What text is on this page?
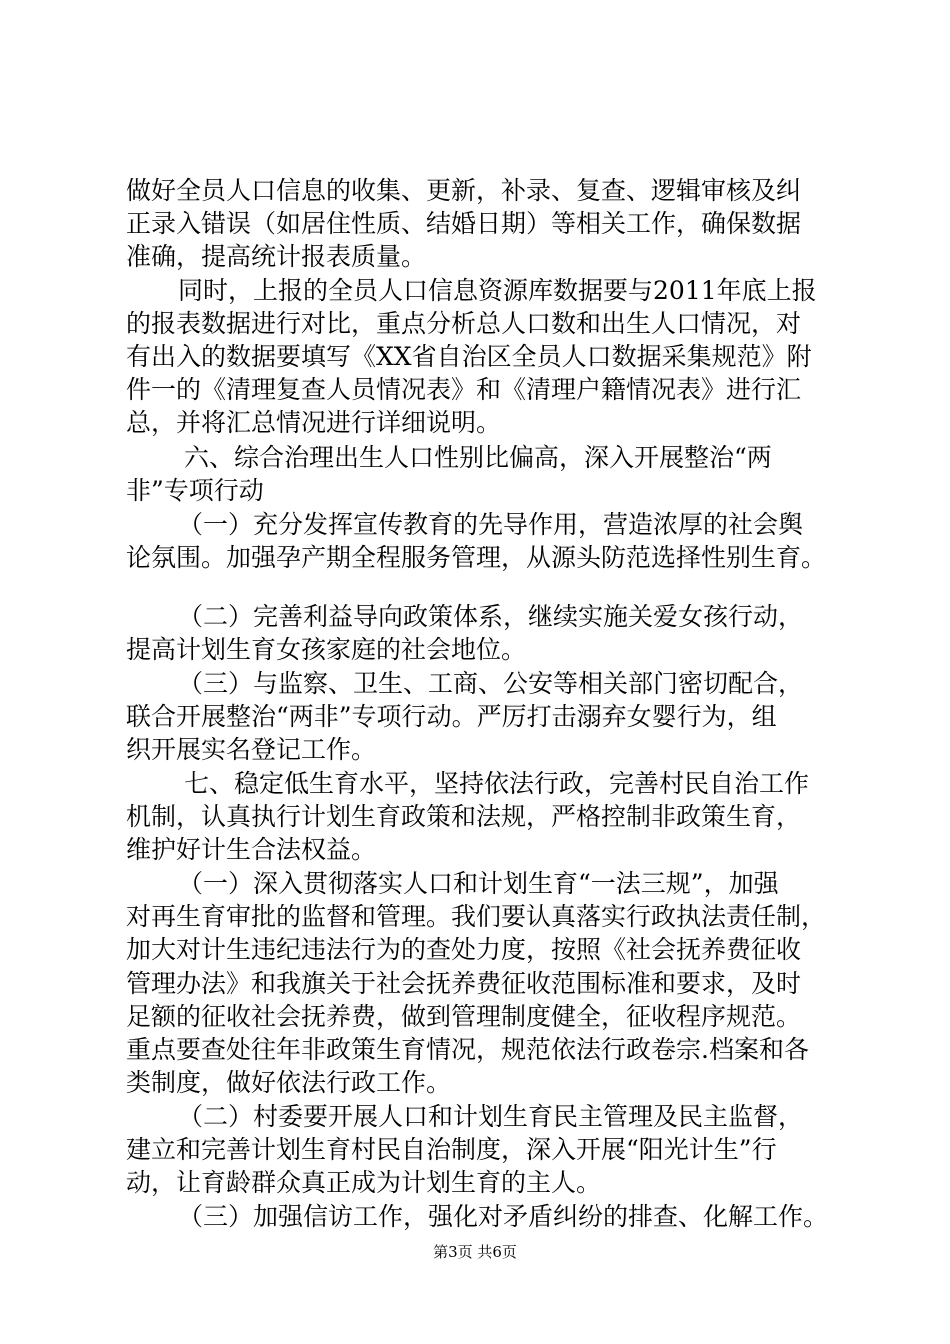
做好全员人口信息的收集、更新，补录、复查、逻辑审核及纠
正录入错误（如居住性质、结婚日期）等相关工作，确保数据
准确，提高统计报表质量。
同时，上报的全员人口信息资源库数据要与2011年底上报
的报表数据进行对比，重点分析总人口数和出生人口情况，对
有出入的数据要填写《XX省自治区全员人口数据采集规范》附
件一的《清理复查人员情况表》和《清理户籍情况表》进行汇
总，并将汇总情况进行详细说明。
六、综合治理出生人口性别比偏高，深入开展整治“两
非”专项行动
（一）充分发挥宣传教育的先导作用，营造浓厚的社会舆
论氛围。加强孕产期全程服务管理，从源头防范选择性别生育。
（二）完善利益导向政策体系，继续实施关爱女孩行动，
提高计划生育女孩家庭的社会地位。
（三）与监察、卫生、工商、公安等相关部门密切配合，
联合开展整治“两非”专项行动。严厉打击溺弃女婴行为，组
织开展实名登记工作。
七、稳定低生育水平，坚持依法行政，完善村民自治工作
机制，认真执行计划生育政策和法规，严格控制非政策生育，
维护好计生合法权益。
（一）深入贯彻落实人口和计划生育“一法三规”，加强
对再生育审批的监督和管理。我们要认真落实行政执法责任制，
加大对计生违纪违法行为的查处力度，按照《社会抚养费征收
管理办法》和我旗关于社会抚养费征收范围标准和要求，及时
足额的征收社会抚养费，做到管理制度健全，征收程序规范。
重点要查处往年非政策生育情况，规范依法行政卷宗.档案和各
类制度，做好依法行政工作。
（二）村委要开展人口和计划生育民主管理及民主监督，
建立和完善计划生育村民自治制度，深入开展“阳光计生”行
动，让育龄群众真正成为计划生育的主人。
（三）加强信访工作，强化对矛盾纠纷的排查、化解工作。
第3页 共6页
